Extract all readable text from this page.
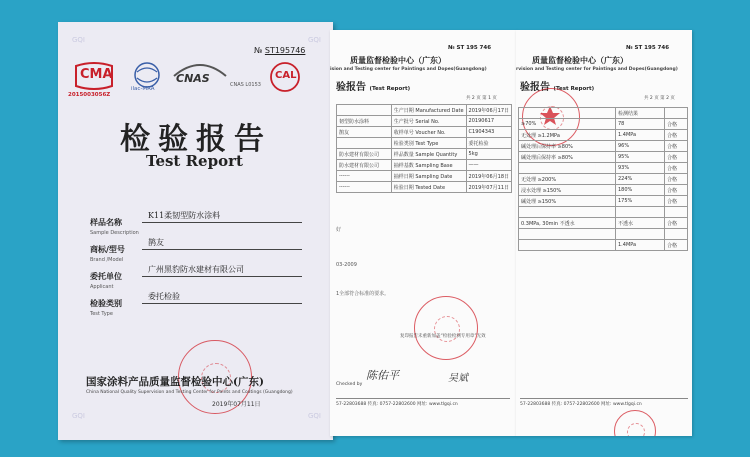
GQI	GQI
GQI	GQI
№ ST195746
CMA
2015003056Z
ilac-MRA
CNAS	CNAS L0153
CAL
检验报告
Test Report
样品名称
K11柔韧型防水涂料
Sample Description
商标/型号
鹊友
Brand /Model
委托单位
广州黑豹防水建材有限公司
Applicant
检验类别
委托检验
Test Type
国家涂料产品质量监督检验中心(广东)
China National Quality Supervision and Testing Center for Paints and Coatings (Guangdong)
2019年07月11日
№ ST 195 746
质量监督检验中心（广东）
ision and Testing center for Paintings and Dopes(Guangdong)
验报告 (Test Report)
共 2 页 第 1 页
	生产日期 Manufactured Date	2019年06月17日
韧型防水涂料	生产批号 Serial No.	20190617
鹊友	收样单号 Voucher No.	C1904343
	检验类别 Test Type	委托检验
防水建材有限公司	样品数量 Sample Quantity	5kg
防水建材有限公司	抽样基数 Sampling Base	——
------	抽样日期 Sampling Date	2019年06月18日
------	检验日期 Tested Date	2019年07月11日
好
03-2009
1全部符合标准的要求。
复印报告未重新加盖“检验检测专用章”无效
Checked by
陈佑平	吴斌
57-22803688 传真: 0757-22802600 网址: www.tlgqi.cn
№ ST 195 746
质量监督检验中心（广东）
rvision and Testing center for Paintings and Dopes(Guangdong)
验报告 (Test Report)
共 2 页 第 2 页
	检测结果	
≥70%	78	合格
无处理 ≥1.2MPa	1.4MPa	合格
碱处理后保持率 ≥80%	96%	合格
碱处理后保持率 ≥80%	95%	合格
	93%	合格
无处理 ≥200%	224%	合格
浸水处理 ≥150%	180%	合格
碱处理 ≥150%	175%	合格

0.3MPa, 30min 不透水	不透水	合格

	1.4MPa	合格
57-22803688 传真: 0757-22802600 网址: www.tlgqi.cn
